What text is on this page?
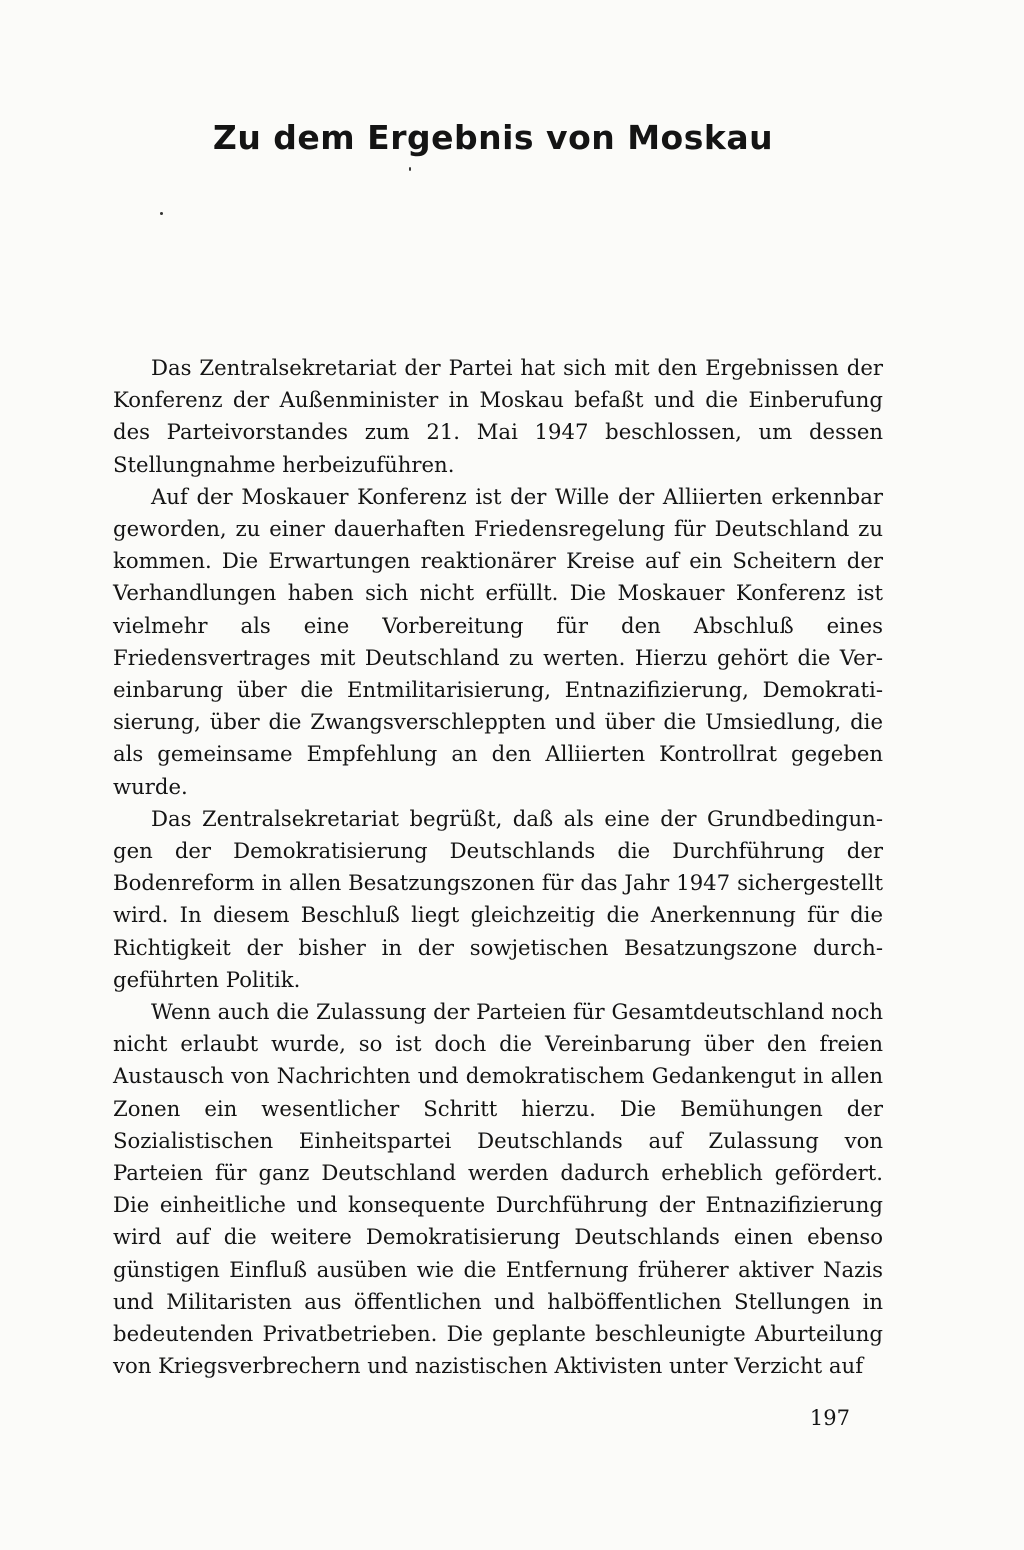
Zu dem Ergebnis von Moskau

Das Zentralsekretariat der Partei hat sich mit den Ergebnissen der Konferenz der Außenminister in Moskau befaßt und die Einberufung des Parteivorstandes zum 21. Mai 1947 beschlossen, um dessen Stellungnahme herbeizuführen.

Auf der Moskauer Konferenz ist der Wille der Alliierten erkennbar geworden, zu einer dauerhaften Friedensregelung für Deutschland zu kommen. Die Erwartungen reaktionärer Kreise auf ein Scheitern der Verhandlungen haben sich nicht erfüllt. Die Moskauer Konferenz ist vielmehr als eine Vorbereitung für den Abschluß eines Friedensvertrages mit Deutschland zu werten. Hierzu gehört die Vereinbarung über die Entmilitarisierung, Entnazifizierung, Demokratisierung, über die Zwangsverschleppten und über die Umsiedlung, die als gemeinsame Empfehlung an den Alliierten Kontrollrat gegeben wurde.

Das Zentralsekretariat begrüßt, daß als eine der Grundbedingungen der Demokratisierung Deutschlands die Durchführung der Bodenreform in allen Besatzungszonen für das Jahr 1947 sichergestellt wird. In diesem Beschluß liegt gleichzeitig die Anerkennung für die Richtigkeit der bisher in der sowjetischen Besatzungszone durchgeführten Politik.

Wenn auch die Zulassung der Parteien für Gesamtdeutschland noch nicht erlaubt wurde, so ist doch die Vereinbarung über den freien Austausch von Nachrichten und demokratischem Gedankengut in allen Zonen ein wesentlicher Schritt hierzu. Die Bemühungen der Sozialistischen Einheitspartei Deutschlands auf Zulassung von Parteien für ganz Deutschland werden dadurch erheblich gefördert. Die einheitliche und konsequente Durchführung der Entnazifizierung wird auf die weitere Demokratisierung Deutschlands einen ebenso günstigen Einfluß ausüben wie die Entfernung früherer aktiver Nazis und Militaristen aus öffentlichen und halböffentlichen Stellungen in bedeutenden Privatbetrieben. Die geplante beschleunigte Aburteilung von Kriegsverbrechern und nazistischen Aktivisten unter Verzicht auf

197
